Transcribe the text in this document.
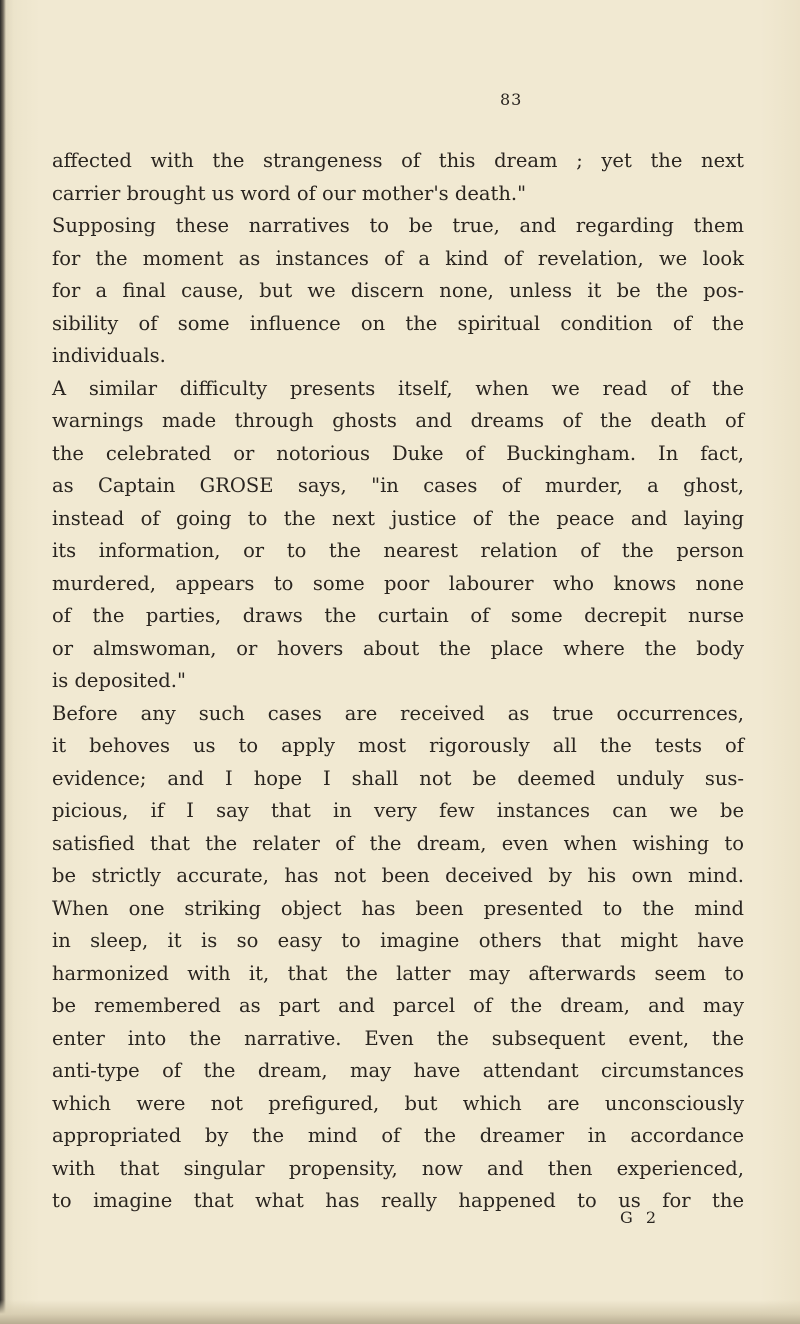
83
affected with the strangeness of this dream ; yet the next
carrier brought us word of our mother's death."
Supposing these narratives to be true, and regarding them
for the moment as instances of a kind of revelation, we look
for a final cause, but we discern none, unless it be the pos-
sibility of some influence on the spiritual condition of the
individuals.
A similar difficulty presents itself, when we read of the
warnings made through ghosts and dreams of the death of
the celebrated or notorious Duke of Buckingham. In fact,
as Captain GROSE says, "in cases of murder, a ghost,
instead of going to the next justice of the peace and laying
its information, or to the nearest relation of the person
murdered, appears to some poor labourer who knows none
of the parties, draws the curtain of some decrepit nurse
or almswoman, or hovers about the place where the body
is deposited."
Before any such cases are received as true occurrences,
it behoves us to apply most rigorously all the tests of
evidence; and I hope I shall not be deemed unduly sus-
picious, if I say that in very few instances can we be
satisfied that the relater of the dream, even when wishing to
be strictly accurate, has not been deceived by his own mind.
When one striking object has been presented to the mind
in sleep, it is so easy to imagine others that might have
harmonized with it, that the latter may afterwards seem to
be remembered as part and parcel of the dream, and may
enter into the narrative. Even the subsequent event, the
anti-type of the dream, may have attendant circumstances
which were not prefigured, but which are unconsciously
appropriated by the mind of the dreamer in accordance
with that singular propensity, now and then experienced,
to imagine that what has really happened to us for the
G 2
